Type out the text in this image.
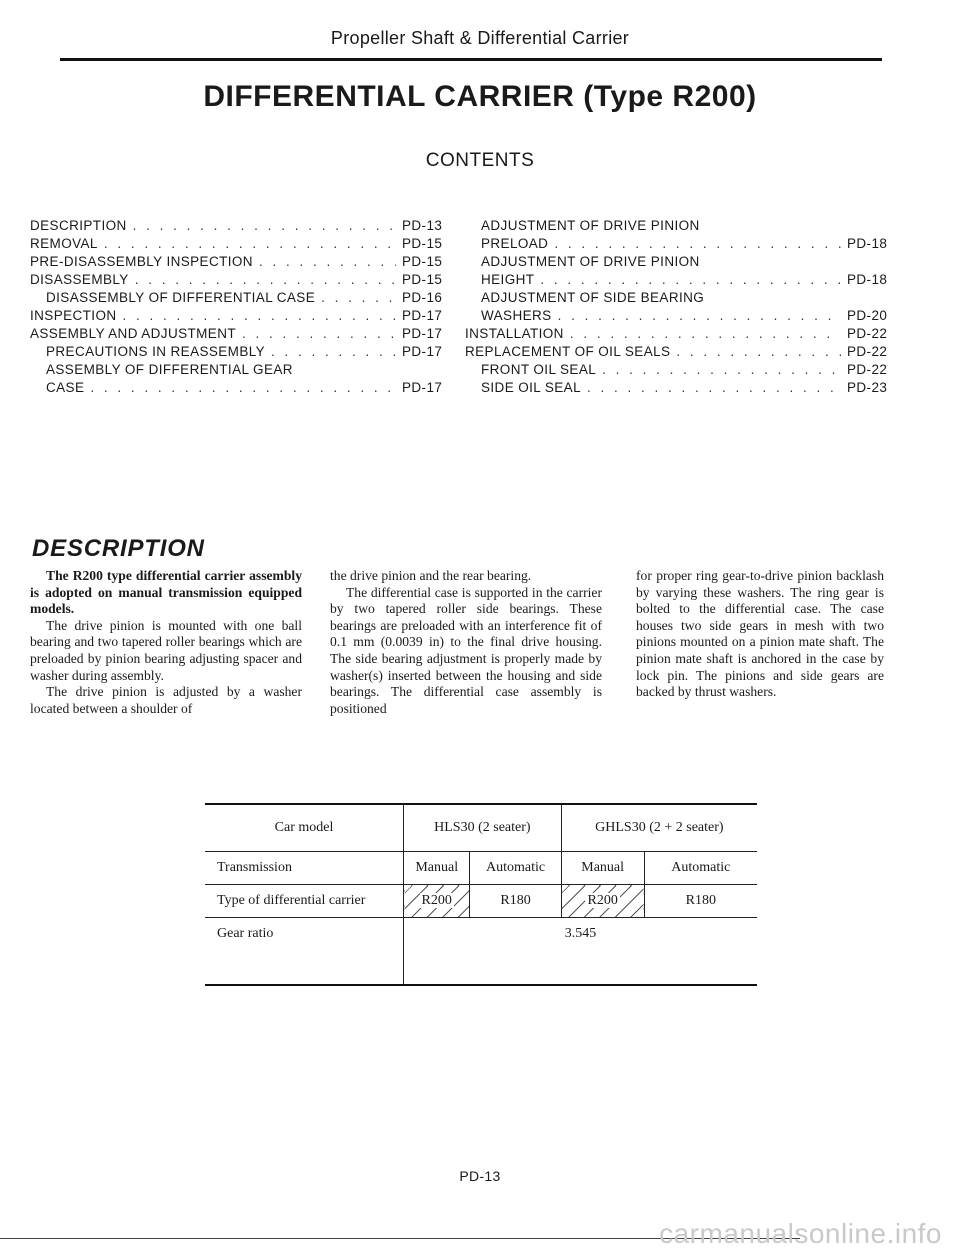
Propeller Shaft & Differential Carrier
DIFFERENTIAL CARRIER (Type R200)
CONTENTS
DESCRIPTION . . .	PD-13
REMOVAL . . .	PD-15
PRE-DISASSEMBLY INSPECTION . . .	PD-15
DISASSEMBLY . . .	PD-15
DISASSEMBLY OF DIFFERENTIAL CASE . . .	PD-16
INSPECTION . . .	PD-17
ASSEMBLY AND ADJUSTMENT . . .	PD-17
PRECAUTIONS IN REASSEMBLY . . .	PD-17
ASSEMBLY OF DIFFERENTIAL GEAR
CASE . . .	PD-17
ADJUSTMENT OF DRIVE PINION
PRELOAD . . .	PD-18
ADJUSTMENT OF DRIVE PINION
HEIGHT . . .	PD-18
ADJUSTMENT OF SIDE BEARING
WASHERS . . .	PD-20
INSTALLATION . . .	PD-22
REPLACEMENT OF OIL SEALS . . .	PD-22
FRONT OIL SEAL . . .	PD-22
SIDE OIL SEAL . . .	PD-23
DESCRIPTION

The R200 type differential carrier assembly is adopted on manual transmission equipped models.

The drive pinion is mounted with one ball bearing and two tapered roller bearings which are preloaded by pinion bearing adjusting spacer and washer during assembly.

The drive pinion is adjusted by a washer located between a shoulder of

the drive pinion and the rear bearing.

The differential case is supported in the carrier by two tapered roller side bearings. These bearings are preloaded with an interference fit of 0.1 mm (0.0039 in) to the final drive housing. The side bearing adjustment is properly made by washer(s) inserted between the housing and side bearings. The differential case assembly is positioned

for proper ring gear-to-drive pinion backlash by varying these washers. The ring gear is bolted to the differential case. The case houses two side gears in mesh with two pinions mounted on a pinion mate shaft. The pinion mate shaft is anchored in the case by lock pin. The pinions and side gears are backed by thrust washers.

Car model	HLS30 (2 seater)		GHLS30 (2 + 2 seater)	
Transmission	Manual	Automatic	Manual	Automatic
Type of differential carrier	R200	R180	R200	R180
Gear ratio	3.545			
PD-13
carmanualsonline.info
